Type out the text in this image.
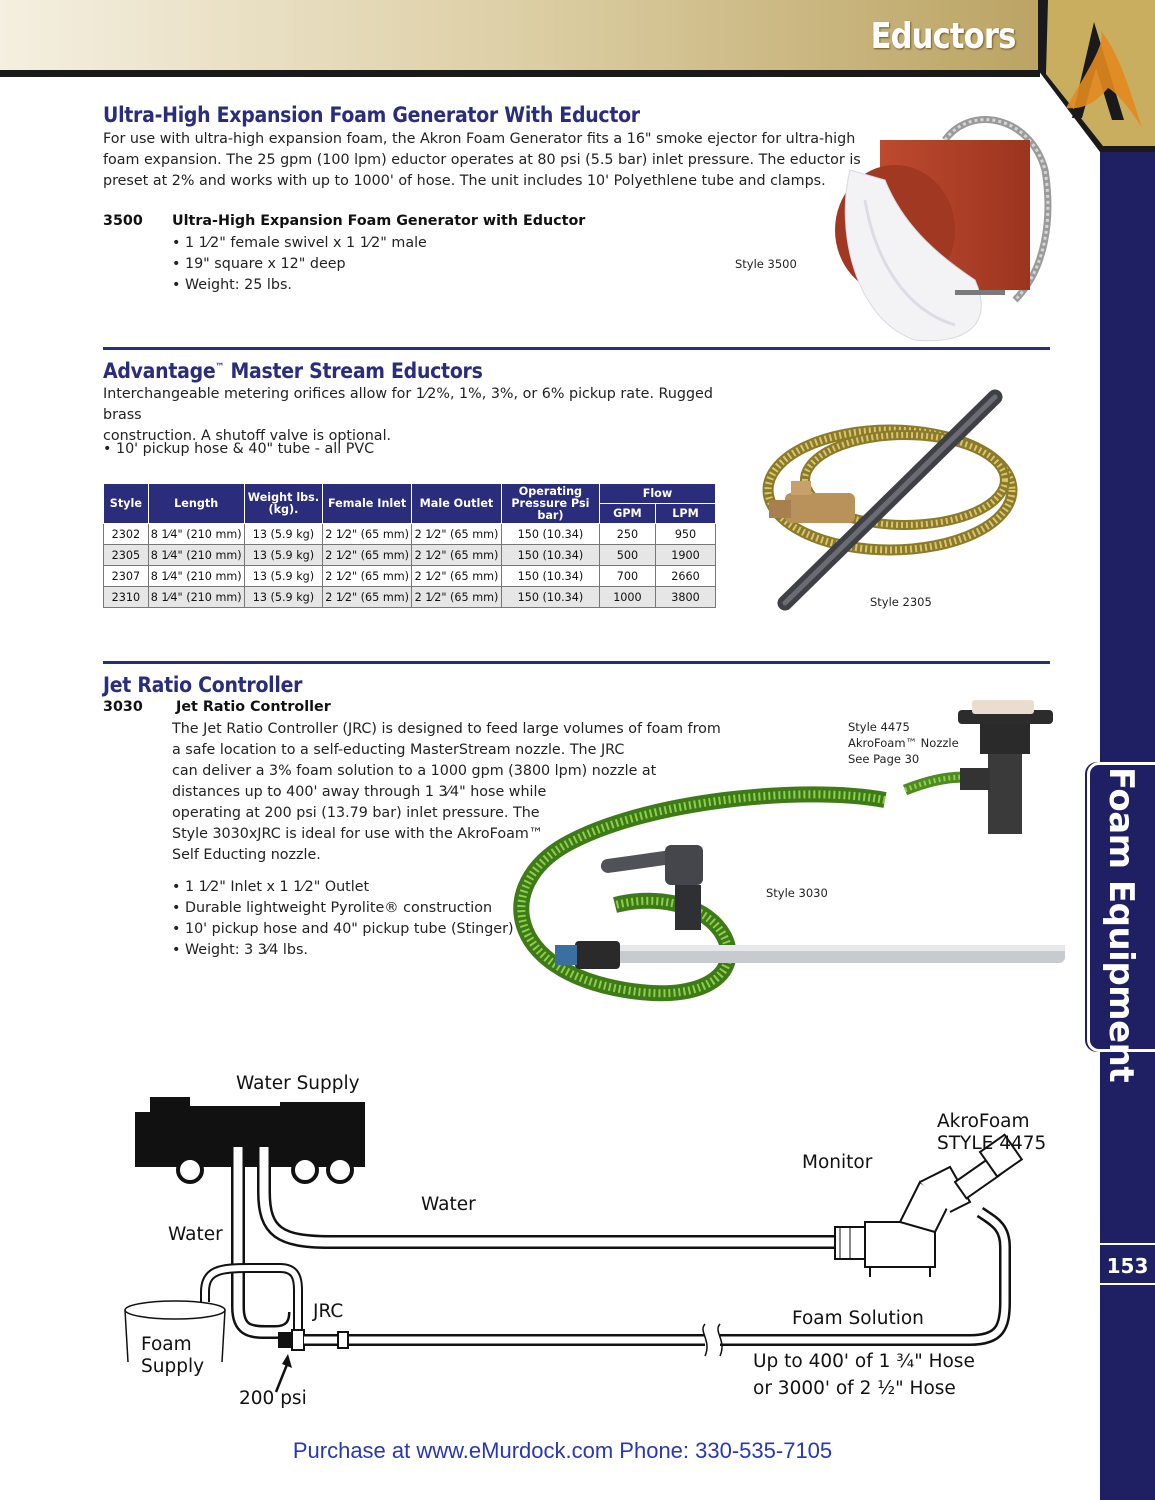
Eductors
Foam Equipment
153
Ultra-High Expansion Foam Generator With Eductor
For use with ultra-high expansion foam, the Akron Foam Generator fits a 16" smoke ejector for ultra-high
foam expansion. The 25 gpm (100 lpm) eductor operates at 80 psi (5.5 bar) inlet pressure. The eductor is
preset at 2% and works with up to 1000' of hose. The unit includes 10' Polyethlene tube and clamps.
3500 Ultra-High Expansion Foam Generator with Eductor
• 1 1⁄2" female swivel x 1 1⁄2" male
• 19" square x 12" deep
• Weight: 25 lbs.
Style 3500
Advantage™ Master Stream Eductors
Interchangeable metering orifices allow for 1⁄2%, 1%, 3%, or 6% pickup rate. Rugged brass
construction. A shutoff valve is optional.
• 10' pickup hose & 40" tube - all PVC
Style	Length	Weight lbs. (kg).	Female Inlet	Male Outlet	Operating Pressure Psi bar)	Flow	
						GPM	LPM
2302	8 1⁄4" (210 mm)	13 (5.9 kg)	2 1⁄2" (65 mm)	2 1⁄2" (65 mm)	150 (10.34)	250	950
2305	8 1⁄4" (210 mm)	13 (5.9 kg)	2 1⁄2" (65 mm)	2 1⁄2" (65 mm)	150 (10.34)	500	1900
2307	8 1⁄4" (210 mm)	13 (5.9 kg)	2 1⁄2" (65 mm)	2 1⁄2" (65 mm)	150 (10.34)	700	2660
2310	8 1⁄4" (210 mm)	13 (5.9 kg)	2 1⁄2" (65 mm)	2 1⁄2" (65 mm)	150 (10.34)	1000	3800	Style 2305
Jet Ratio Controller
3030 Jet Ratio Controller
The Jet Ratio Controller (JRC) is designed to feed large volumes of foam from
a safe location to a self-educting MasterStream nozzle. The JRC
can deliver a 3% foam solution to a 1000 gpm (3800 lpm) nozzle at
distances up to 400' away through 1 3⁄4" hose while
operating at 200 psi (13.79 bar) inlet pressure. The
Style 3030xJRC is ideal for use with the AkroFoam™
Self Educting nozzle.
• 1 1⁄2" Inlet x 1 1⁄2" Outlet
• Durable lightweight Pyrolite® construction
• 10' pickup hose and 40" pickup tube (Stinger)
• Weight: 3 3⁄4 lbs.
Style 4475
AkroFoam™ Nozzle
See Page 30
Style 3030
Water Supply
Water
Water
AkroFoam
STYLE 4475
Monitor
JRC
Foam
Supply
200 psi
Foam Solution
Up to 400' of 1 ¾" Hose
or 3000' of 2 ½" Hose
Purchase at www.eMurdock.com Phone: 330-535-7105
